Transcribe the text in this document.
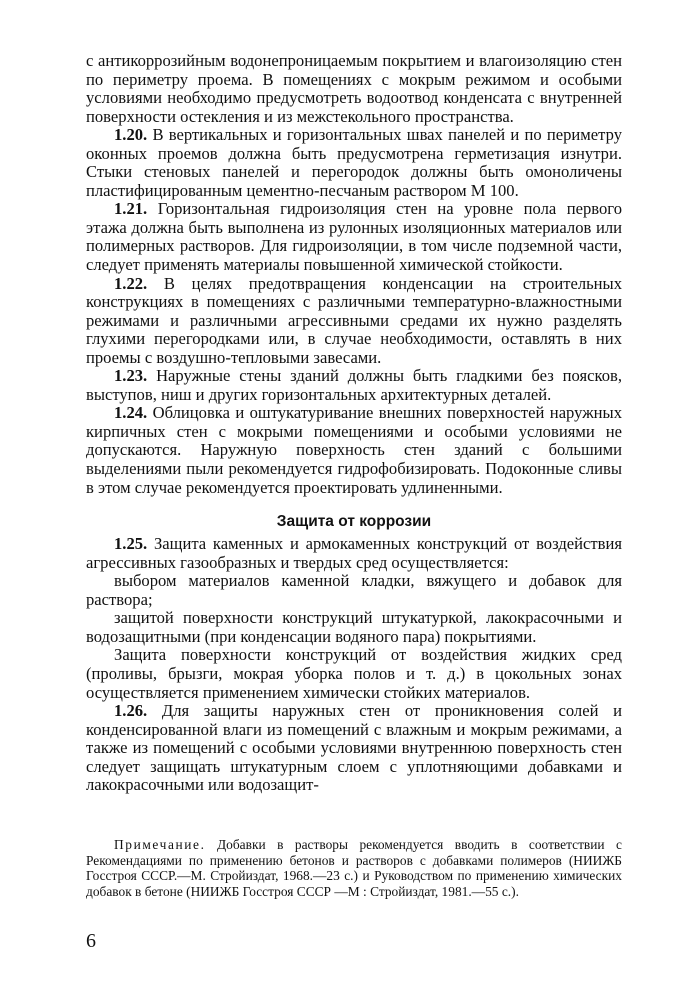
с антикоррозийным водонепроницаемым покрытием и влагоизоляцию стен по периметру проема. В помещениях с мокрым режимом и особыми условиями необходимо предусмотреть водоотвод конденсата с внутренней поверхности остекления и из межстекольного пространства.

1.20. В вертикальных и горизонтальных швах панелей и по периметру оконных проемов должна быть предусмотрена герметизация изнутри. Стыки стеновых панелей и перегородок должны быть омоноличены пластифицированным цементно-песчаным раствором М 100.

1.21. Горизонтальная гидроизоляция стен на уровне пола первого этажа должна быть выполнена из рулонных изоляционных материалов или полимерных растворов. Для гидроизоляции, в том числе подземной части, следует применять материалы повышенной химической стойкости.

1.22. В целях предотвращения конденсации на строительных конструкциях в помещениях с различными температурно-влажностными режимами и различными агрессивными средами их нужно разделять глухими перегородками или, в случае необходимости, оставлять в них проемы с воздушно-тепловыми завесами.

1.23. Наружные стены зданий должны быть гладкими без поясков, выступов, ниш и других горизонтальных архитектурных деталей.

1.24. Облицовка и оштукатуривание внешних поверхностей наружных кирпичных стен с мокрыми помещениями и особыми условиями не допускаются. Наружную поверхность стен зданий с большими выделениями пыли рекомендуется гидрофобизировать. Подоконные сливы в этом случае рекомендуется проектировать удлиненными.

Защита от коррозии

1.25. Защита каменных и армокаменных конструкций от воздействия агрессивных газообразных и твердых сред осуществляется:

выбором материалов каменной кладки, вяжущего и добавок для раствора;

защитой поверхности конструкций штукатуркой, лакокрасочными и водозащитными (при конденсации водяного пара) покрытиями.

Защита поверхности конструкций от воздействия жидких сред (проливы, брызги, мокрая уборка полов и т. д.) в цокольных зонах осуществляется применением химически стойких материалов.

1.26. Для защиты наружных стен от проникновения солей и конденсированной влаги из помещений с влажным и мокрым режимами, а также из помещений с особыми условиями внутреннюю поверхность стен следует защищать штукатурным слоем с уплотняющими добавками и лакокрасочными или водозащит-

Примечание. Добавки в растворы рекомендуется вводить в соответствии с Рекомендациями по применению бетонов и растворов с добавками полимеров (НИИЖБ Госстроя СССР.—М. Стройиздат, 1968.—23 с.) и Руководством по применению химических добавок в бетоне (НИИЖБ Госстроя СССР —М : Стройиздат, 1981.—55 с.).

6
